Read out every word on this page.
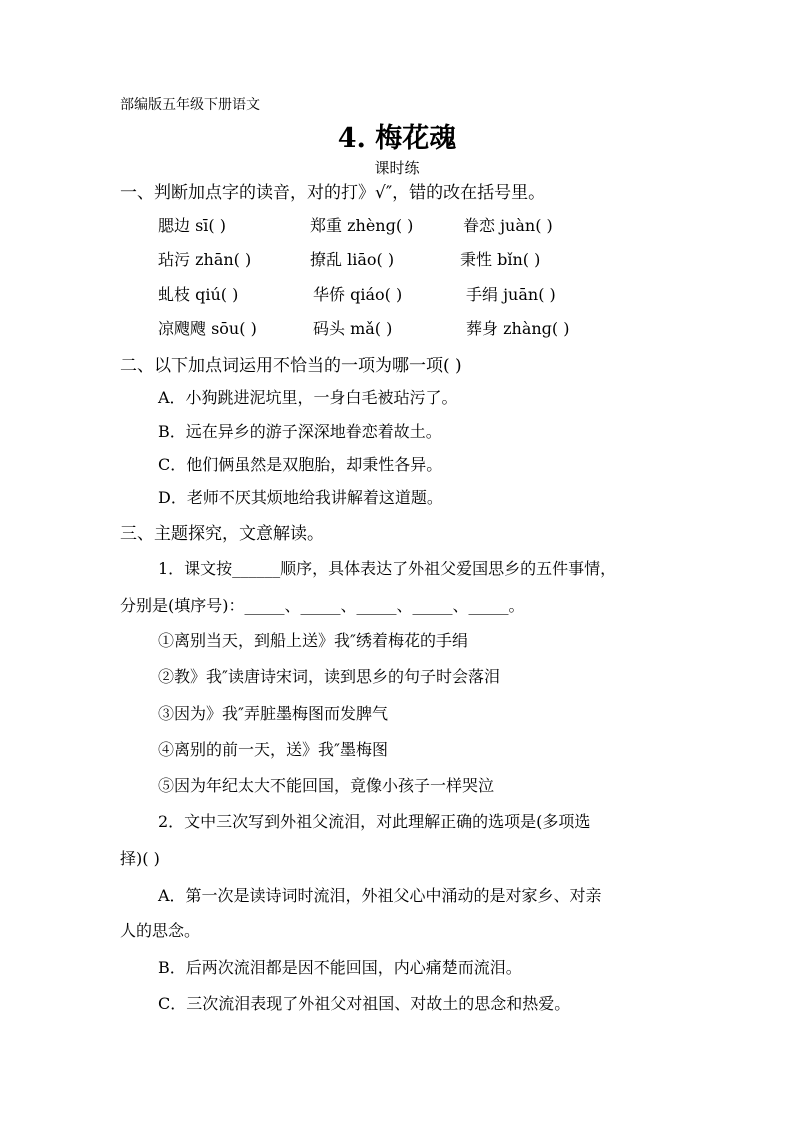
部编版五年级下册语文
4. 梅花魂
课时练
一、判断加点字的读音，对的打》√″，错的改在括号里。
腮边 sī( )	郑重 zhènɡ( )	眷恋 juàn( )
玷污 zhān( )	撩乱 liāo( )	秉性 bǐn( )
虬枝 qiú( )	华侨 qiáo( )	手绢 juān( )
凉飕飕 sōu( )	码头 mǎ( )	葬身 zhànɡ( )
二、以下加点词运用不恰当的一项为哪一项( )
A．小狗跳进泥坑里，一身白毛被玷污了。
B．远在异乡的游子深深地眷恋着故土。
C．他们俩虽然是双胞胎，却秉性各异。
D．老师不厌其烦地给我讲解着这道题。
三、主题探究，文意解读。
1．课文按______顺序，具体表达了外祖父爱国思乡的五件事情，
分别是(填序号)：_____、_____、_____、_____、_____。
①离别当天，到船上送》我″绣着梅花的手绢
②教》我″读唐诗宋词，读到思乡的句子时会落泪
③因为》我″弄脏墨梅图而发脾气
④离别的前一天，送》我″墨梅图
⑤因为年纪太大不能回国，竟像小孩子一样哭泣
2．文中三次写到外祖父流泪，对此理解正确的选项是(多项选
择)( )
A．第一次是读诗词时流泪，外祖父心中涌动的是对家乡、对亲
人的思念。
B．后两次流泪都是因不能回国，内心痛楚而流泪。
C．三次流泪表现了外祖父对祖国、对故土的思念和热爱。
